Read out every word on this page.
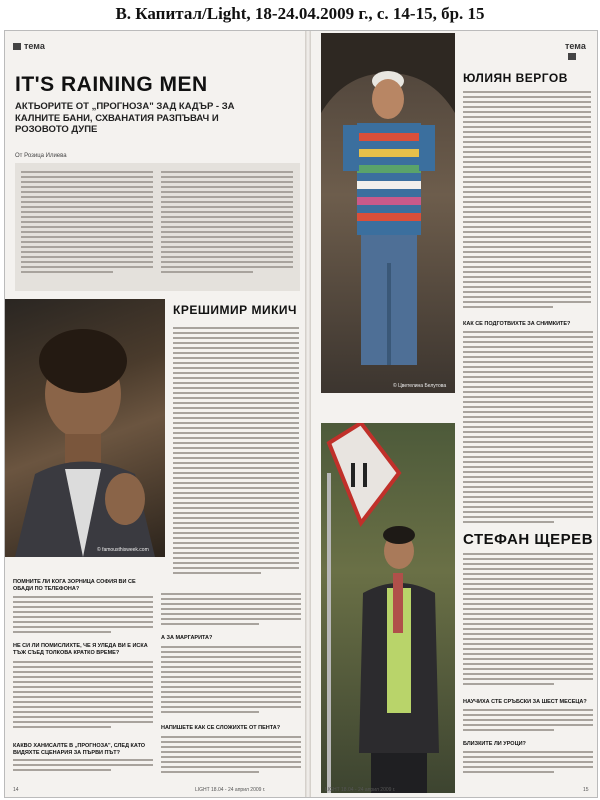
В. Капитал/Light, 18-24.04.2009 г., с. 14-15, бр. 15
тема
IT'S RAINING MEN
АКТЬОРИТЕ ОТ „ПРОГНОЗА" ЗАД КАДЪР - ЗА КАЛНИТЕ БАНИ, СХВАНАТИЯ РАЗПЪВАЧ И РОЗОВОТО ДУПЕ
От Розица Илиева
© famousthisweek.com
КРЕШИМИР МИКИЧ
ПОМНИТЕ ЛИ КОГА ЗОРНИЦА СОФИЯ ВИ СЕ ОБАДИ ПО ТЕЛЕФОНА?
НЕ СИ ЛИ ПОМИСЛИХТЕ, ЧЕ Я УЛЕДА ВИ Е ИСКА ТЪЖ СЪЕД ТОЛКОВА КРАТКО ВРЕМЕ?
КАКВО ХАНИСАЛТЕ В „ПРОГНОЗА", СЛЕД КАТО ВИДЯХТЕ СЦЕНАРИЯ ЗА ПЪРВИ ПЪТ?
А ЗА МАРГАРИТА?
НАПИШЕТЕ КАК СЕ СЛОЖИХТЕ ОТ ПЕНТА?
14	LIGHT 18.04 - 24 април 2009 г.
тема
© Цветелина Белутова
ЮЛИЯН ВЕРГОВ
КАК СЕ ПОДГОТВИХТЕ ЗА СНИМКИТЕ?
СТЕФАН ЩЕРЕВ
НАУЧИХА СТЕ СРЪБСКИ ЗА ШЕСТ МЕСЕЦА?
БЛИЗКИТЕ ЛИ УРОЦИ?
LIGHT 18.04 - 24 април 2009 г.	15
